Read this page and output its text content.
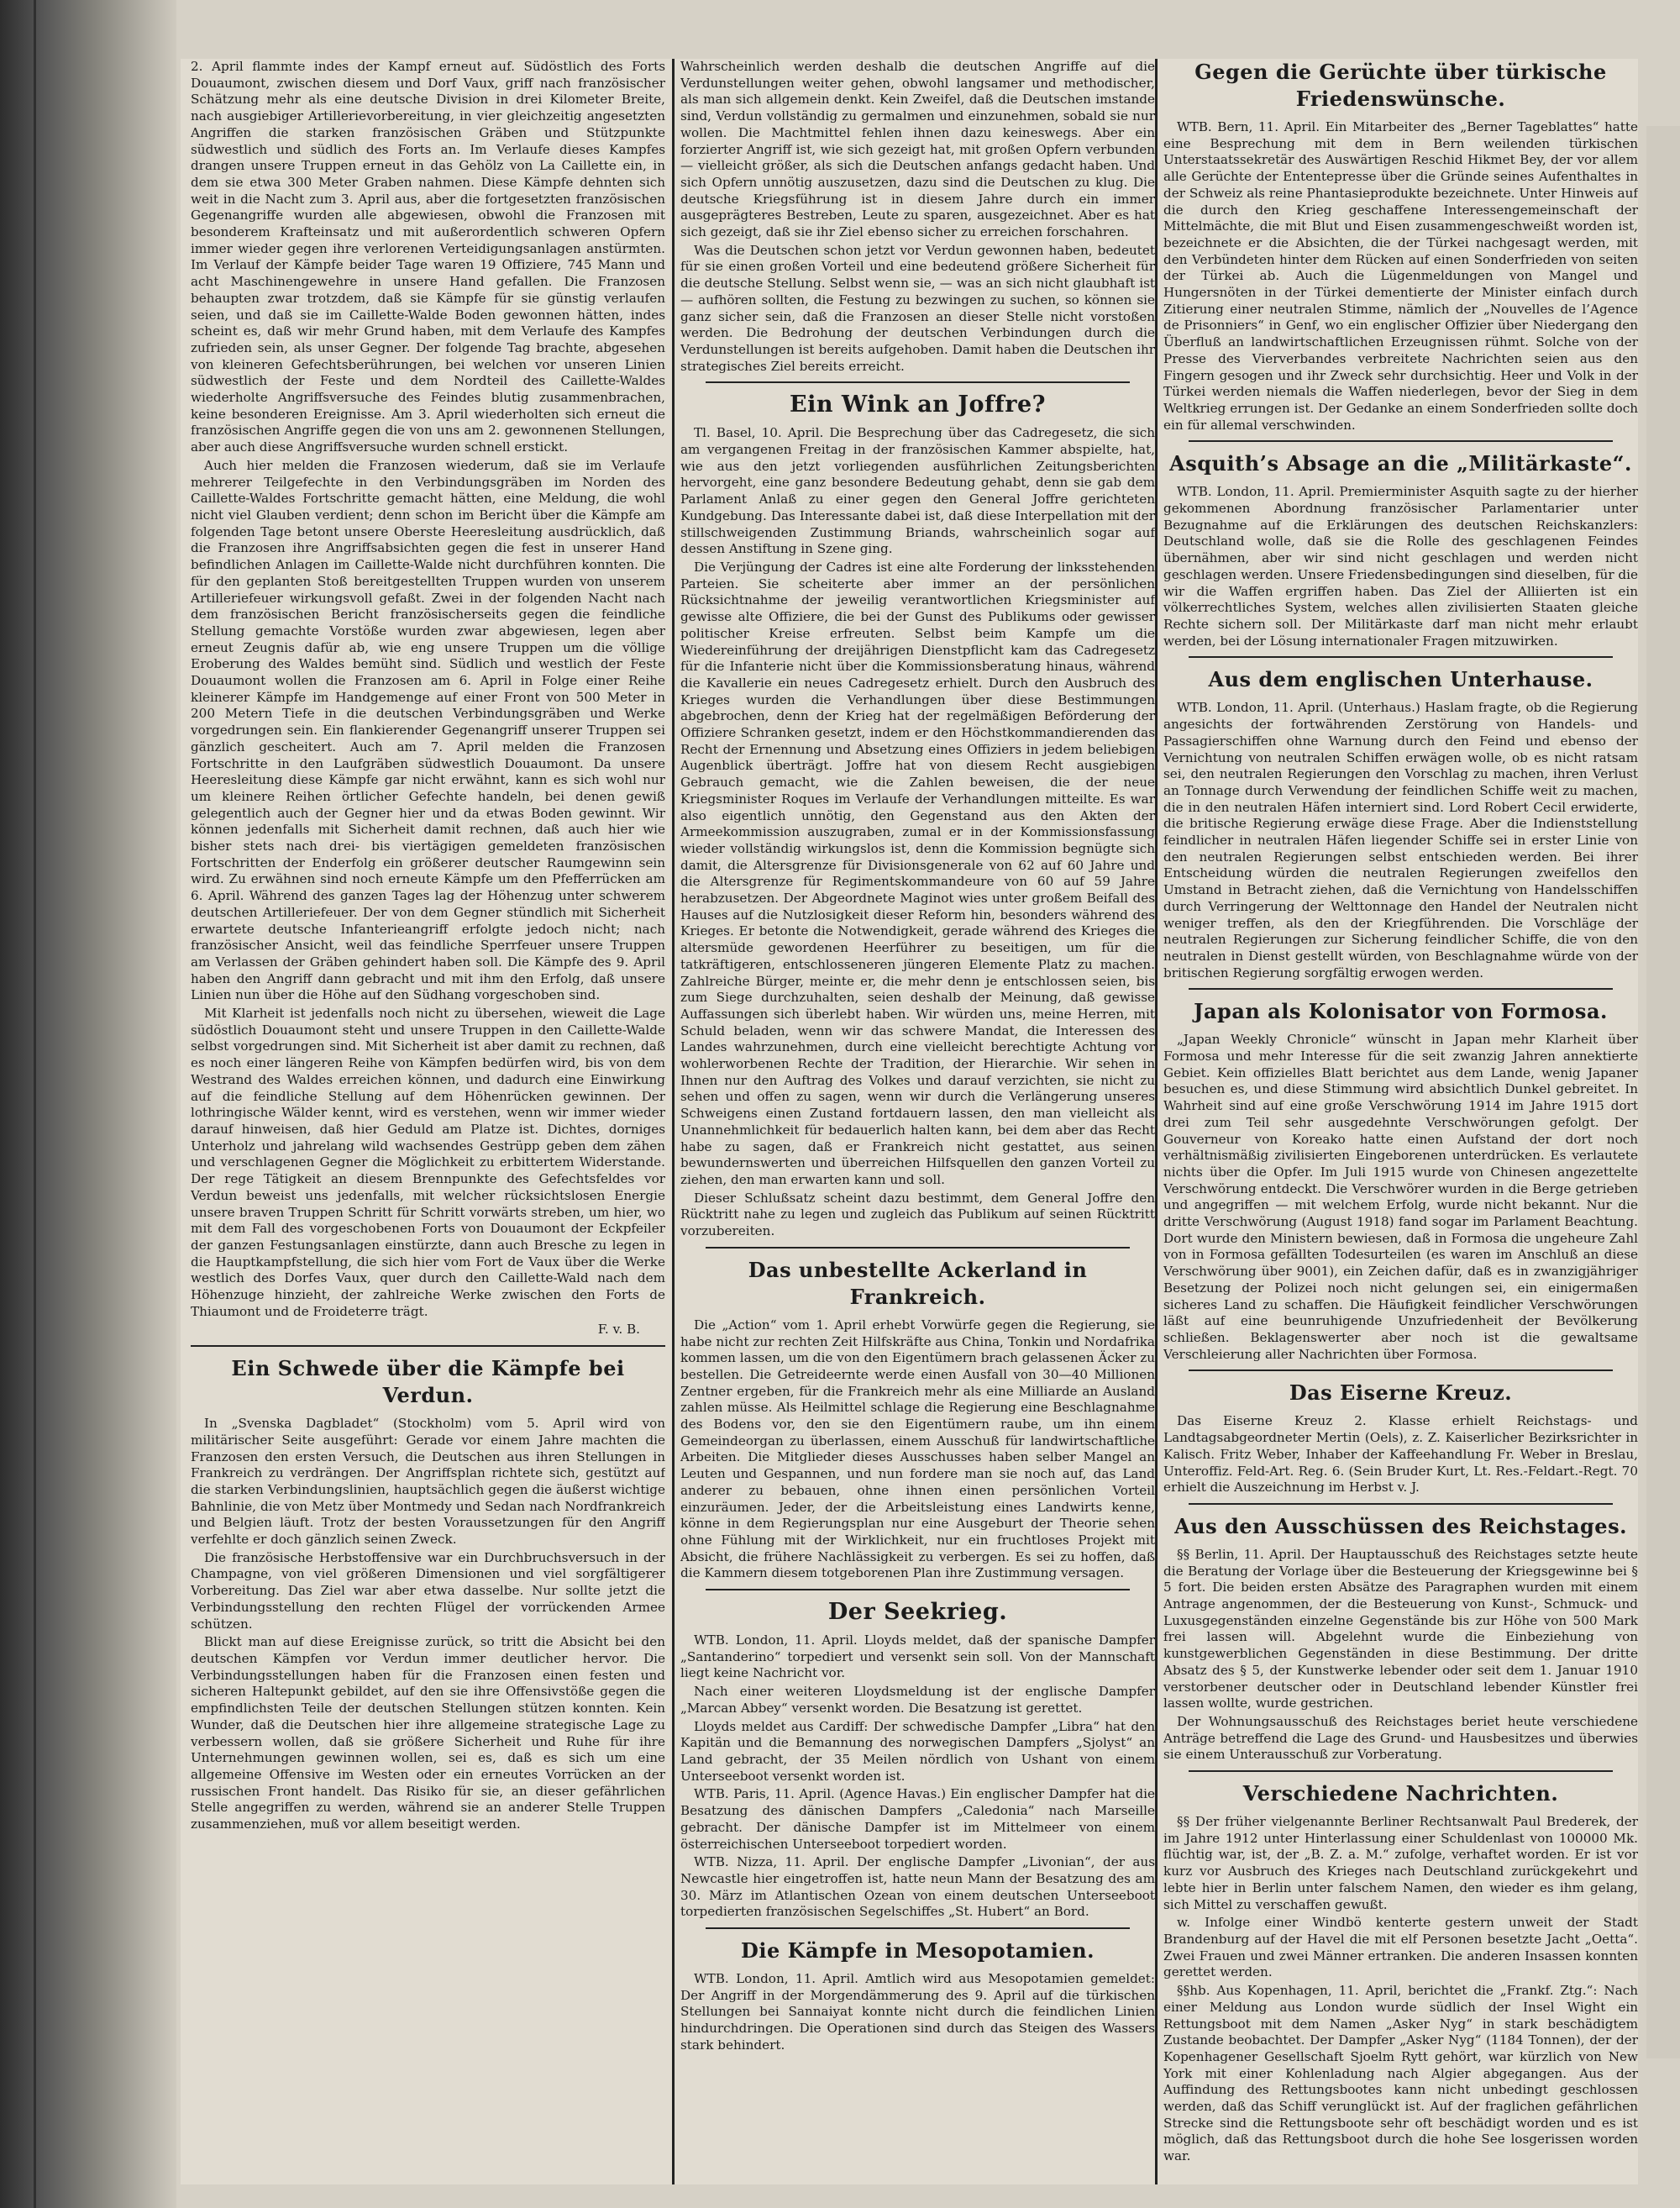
2. April flammte indes der Kampf erneut auf. Südöstlich des Forts Douaumont, zwischen diesem und Dorf Vaux, griff nach französischer Schätzung mehr als eine deutsche Division in drei Kilometer Breite, nach ausgiebiger Artillerievorbereitung, in vier gleichzeitig angesetzten Angriffen die starken französischen Gräben und Stützpunkte südwestlich und südlich des Forts an. Im Verlaufe dieses Kampfes drangen unsere Truppen erneut in das Gehölz von La Caillette ein, in dem sie etwa 300 Meter Graben nahmen. Diese Kämpfe dehnten sich weit in die Nacht zum 3. April aus, aber die fortgesetzten französischen Gegenangriffe wurden alle abgewiesen, obwohl die Franzosen mit besonderem Krafteinsatz und mit außerordentlich schweren Opfern immer wieder gegen ihre verlorenen Verteidigungsanlagen anstürmten. Im Verlauf der Kämpfe beider Tage waren 19 Offiziere, 745 Mann und acht Maschinengewehre in unsere Hand gefallen. Die Franzosen behaupten zwar trotzdem, daß sie Kämpfe für sie günstig verlaufen seien, und daß sie im Caillette-Walde Boden gewonnen hätten, indes scheint es, daß wir mehr Grund haben, mit dem Verlaufe des Kampfes zufrieden sein, als unser Gegner. Der folgende Tag brachte, abgesehen von kleineren Gefechtsberührungen, bei welchen vor unseren Linien südwestlich der Feste und dem Nordteil des Caillette-Waldes wiederholte Angriffsversuche des Feindes blutig zusammenbrachen, keine besonderen Ereignisse. Am 3. April wiederholten sich erneut die französischen Angriffe gegen die von uns am 2. gewonnenen Stellungen, aber auch diese Angriffsversuche wurden schnell erstickt.

Auch hier melden die Franzosen wiederum, daß sie im Verlaufe mehrerer Teilgefechte in den Verbindungsgräben im Norden des Caillette-Waldes Fortschritte gemacht hätten, eine Meldung, die wohl nicht viel Glauben verdient; denn schon im Bericht über die Kämpfe am folgenden Tage betont unsere Oberste Heeresleitung ausdrücklich, daß die Franzosen ihre Angriffsabsichten gegen die fest in unserer Hand befindlichen Anlagen im Caillette-Walde nicht durchführen konnten. Die für den geplanten Stoß bereitgestellten Truppen wurden von unserem Artilleriefeuer wirkungsvoll gefaßt. Zwei in der folgenden Nacht nach dem französischen Bericht französischerseits gegen die feindliche Stellung gemachte Vorstöße wurden zwar abgewiesen, legen aber erneut Zeugnis dafür ab, wie eng unsere Truppen um die völlige Eroberung des Waldes bemüht sind. Südlich und westlich der Feste Douaumont wollen die Franzosen am 6. April in Folge einer Reihe kleinerer Kämpfe im Handgemenge auf einer Front von 500 Meter in 200 Metern Tiefe in die deutschen Verbindungsgräben und Werke vorgedrungen sein. Ein flankierender Gegenangriff unserer Truppen sei gänzlich gescheitert. Auch am 7. April melden die Franzosen Fortschritte in den Laufgräben südwestlich Douaumont. Da unsere Heeresleitung diese Kämpfe gar nicht erwähnt, kann es sich wohl nur um kleinere Reihen örtlicher Gefechte handeln, bei denen gewiß gelegentlich auch der Gegner hier und da etwas Boden gewinnt. Wir können jedenfalls mit Sicherheit damit rechnen, daß auch hier wie bisher stets nach drei- bis viertägigen gemeldeten französischen Fortschritten der Enderfolg ein größerer deutscher Raumgewinn sein wird. Zu erwähnen sind noch erneute Kämpfe um den Pfefferrücken am 6. April. Während des ganzen Tages lag der Höhenzug unter schwerem deutschen Artilleriefeuer. Der von dem Gegner stündlich mit Sicherheit erwartete deutsche Infanterieangriff erfolgte jedoch nicht; nach französischer Ansicht, weil das feindliche Sperrfeuer unsere Truppen am Verlassen der Gräben gehindert haben soll. Die Kämpfe des 9. April haben den Angriff dann gebracht und mit ihm den Erfolg, daß unsere Linien nun über die Höhe auf den Südhang vorgeschoben sind.

Mit Klarheit ist jedenfalls noch nicht zu übersehen, wieweit die Lage südöstlich Douaumont steht und unsere Truppen in den Caillette-Walde selbst vorgedrungen sind. Mit Sicherheit ist aber damit zu rechnen, daß es noch einer längeren Reihe von Kämpfen bedürfen wird, bis von dem Westrand des Waldes erreichen können, und dadurch eine Einwirkung auf die feindliche Stellung auf dem Höhenrücken gewinnen. Der lothringische Wälder kennt, wird es verstehen, wenn wir immer wieder darauf hinweisen, daß hier Geduld am Platze ist. Dichtes, dorniges Unterholz und jahrelang wild wachsendes Gestrüpp geben dem zähen und verschlagenen Gegner die Möglichkeit zu erbittertem Widerstande. Der rege Tätigkeit an diesem Brennpunkte des Gefechtsfeldes vor Verdun beweist uns jedenfalls, mit welcher rücksichtslosen Energie unsere braven Truppen Schritt für Schritt vorwärts streben, um hier, wo mit dem Fall des vorgeschobenen Forts von Douaumont der Eckpfeiler der ganzen Festungsanlagen einstürzte, dann auch Bresche zu legen in die Hauptkampfstellung, die sich hier vom Fort de Vaux über die Werke westlich des Dorfes Vaux, quer durch den Caillette-Wald nach dem Höhenzuge hinzieht, der zahlreiche Werke zwischen den Forts de Thiaumont und de Froideterre trägt.

F. v. B.
Ein Schwede über die Kämpfe bei Verdun.

In „Svenska Dagbladet“ (Stockholm) vom 5. April wird von militärischer Seite ausgeführt: Gerade vor einem Jahre machten die Franzosen den ersten Versuch, die Deutschen aus ihren Stellungen in Frankreich zu verdrängen. Der Angriffsplan richtete sich, gestützt auf die starken Verbindungslinien, hauptsächlich gegen die äußerst wichtige Bahnlinie, die von Metz über Montmedy und Sedan nach Nordfrankreich und Belgien läuft. Trotz der besten Voraussetzungen für den Angriff verfehlte er doch gänzlich seinen Zweck.

Die französische Herbstoffensive war ein Durchbruchsversuch in der Champagne, von viel größeren Dimensionen und viel sorgfältigerer Vorbereitung. Das Ziel war aber etwa dasselbe. Nur sollte jetzt die Verbindungsstellung den rechten Flügel der vorrückenden Armee schützen.

Blickt man auf diese Ereignisse zurück, so tritt die Absicht bei den deutschen Kämpfen vor Verdun immer deutlicher hervor. Die Verbindungsstellungen haben für die Franzosen einen festen und sicheren Haltepunkt gebildet, auf den sie ihre Offensivstöße gegen die empfindlichsten Teile der deutschen Stellungen stützen konnten. Kein Wunder, daß die Deutschen hier ihre allgemeine strategische Lage zu verbessern wollen, daß sie größere Sicherheit und Ruhe für ihre Unternehmungen gewinnen wollen, sei es, daß es sich um eine allgemeine Offensive im Westen oder ein erneutes Vorrücken an der russischen Front handelt. Das Risiko für sie, an dieser gefährlichen Stelle angegriffen zu werden, während sie an anderer Stelle Truppen zusammenziehen, muß vor allem beseitigt werden.

Wahrscheinlich werden deshalb die deutschen Angriffe auf die Verdunstellungen weiter gehen, obwohl langsamer und methodischer, als man sich allgemein denkt. Kein Zweifel, daß die Deutschen imstande sind, Verdun vollständig zu germalmen und einzunehmen, sobald sie nur wollen. Die Machtmittel fehlen ihnen dazu keineswegs. Aber ein forzierter Angriff ist, wie sich gezeigt hat, mit großen Opfern verbunden — vielleicht größer, als sich die Deutschen anfangs gedacht haben. Und sich Opfern unnötig auszusetzen, dazu sind die Deutschen zu klug. Die deutsche Kriegsführung ist in diesem Jahre durch ein immer ausgeprägteres Bestreben, Leute zu sparen, ausgezeichnet. Aber es hat sich gezeigt, daß sie ihr Ziel ebenso sicher zu erreichen forschahren.

Was die Deutschen schon jetzt vor Verdun gewonnen haben, bedeutet für sie einen großen Vorteil und eine bedeutend größere Sicherheit für die deutsche Stellung. Selbst wenn sie, — was an sich nicht glaubhaft ist — aufhören sollten, die Festung zu bezwingen zu suchen, so können sie ganz sicher sein, daß die Franzosen an dieser Stelle nicht vorstoßen werden. Die Bedrohung der deutschen Verbindungen durch die Verdunstellungen ist bereits aufgehoben. Damit haben die Deutschen ihr strategisches Ziel bereits erreicht.

Ein Wink an Joffre?

Tl. Basel, 10. April. Die Besprechung über das Cadregesetz, die sich am vergangenen Freitag in der französischen Kammer abspielte, hat, wie aus den jetzt vorliegenden ausführlichen Zeitungsberichten hervorgeht, eine ganz besondere Bedeutung gehabt, denn sie gab dem Parlament Anlaß zu einer gegen den General Joffre gerichteten Kundgebung. Das Interessante dabei ist, daß diese Interpellation mit der stillschweigenden Zustimmung Briands, wahrscheinlich sogar auf dessen Anstiftung in Szene ging.

Die Verjüngung der Cadres ist eine alte Forderung der linksstehenden Parteien. Sie scheiterte aber immer an der persönlichen Rücksichtnahme der jeweilig verantwortlichen Kriegsminister auf gewisse alte Offiziere, die bei der Gunst des Publikums oder gewisser politischer Kreise erfreuten. Selbst beim Kampfe um die Wiedereinführung der dreijährigen Dienstpflicht kam das Cadregesetz für die Infanterie nicht über die Kommissionsberatung hinaus, während die Kavallerie ein neues Cadregesetz erhielt. Durch den Ausbruch des Krieges wurden die Verhandlungen über diese Bestimmungen abgebrochen, denn der Krieg hat der regelmäßigen Beförderung der Offiziere Schranken gesetzt, indem er den Höchstkommandierenden das Recht der Ernennung und Absetzung eines Offiziers in jedem beliebigen Augenblick überträgt. Joffre hat von diesem Recht ausgiebigen Gebrauch gemacht, wie die Zahlen beweisen, die der neue Kriegsminister Roques im Verlaufe der Verhandlungen mitteilte. Es war also eigentlich unnötig, den Gegenstand aus den Akten der Armeekommission auszugraben, zumal er in der Kommissionsfassung wieder vollständig wirkungslos ist, denn die Kommission begnügte sich damit, die Altersgrenze für Divisionsgenerale von 62 auf 60 Jahre und die Altersgrenze für Regimentskommandeure von 60 auf 59 Jahre herabzusetzen. Der Abgeordnete Maginot wies unter großem Beifall des Hauses auf die Nutzlosigkeit dieser Reform hin, besonders während des Krieges. Er betonte die Notwendigkeit, gerade während des Krieges die altersmüde gewordenen Heerführer zu beseitigen, um für die tatkräftigeren, entschlosseneren jüngeren Elemente Platz zu machen. Zahlreiche Bürger, meinte er, die mehr denn je entschlossen seien, bis zum Siege durchzuhalten, seien deshalb der Meinung, daß gewisse Auffassungen sich überlebt haben. Wir würden uns, meine Herren, mit Schuld beladen, wenn wir das schwere Mandat, die Interessen des Landes wahrzunehmen, durch eine vielleicht berechtigte Achtung vor wohlerworbenen Rechte der Tradition, der Hierarchie. Wir sehen in Ihnen nur den Auftrag des Volkes und darauf verzichten, sie nicht zu sehen und offen zu sagen, wenn wir durch die Verlängerung unseres Schweigens einen Zustand fortdauern lassen, den man vielleicht als Unannehmlichkeit für bedauerlich halten kann, bei dem aber das Recht habe zu sagen, daß er Frankreich nicht gestattet, aus seinen bewundernswerten und überreichen Hilfsquellen den ganzen Vorteil zu ziehen, den man erwarten kann und soll.

Dieser Schlußsatz scheint dazu bestimmt, dem General Joffre den Rücktritt nahe zu legen und zugleich das Publikum auf seinen Rücktritt vorzubereiten.

Das unbestellte Ackerland in Frankreich.

Die „Action“ vom 1. April erhebt Vorwürfe gegen die Regierung, sie habe nicht zur rechten Zeit Hilfskräfte aus China, Tonkin und Nordafrika kommen lassen, um die von den Eigentümern brach gelassenen Äcker zu bestellen. Die Getreideernte werde einen Ausfall von 30—40 Millionen Zentner ergeben, für die Frankreich mehr als eine Milliarde an Ausland zahlen müsse. Als Heilmittel schlage die Regierung eine Beschlagnahme des Bodens vor, den sie den Eigentümern raube, um ihn einem Gemeindeorgan zu überlassen, einem Ausschuß für landwirtschaftliche Arbeiten. Die Mitglieder dieses Ausschusses haben selber Mangel an Leuten und Gespannen, und nun fordere man sie noch auf, das Land anderer zu bebauen, ohne ihnen einen persönlichen Vorteil einzuräumen. Jeder, der die Arbeitsleistung eines Landwirts kenne, könne in dem Regierungsplan nur eine Ausgeburt der Theorie sehen ohne Fühlung mit der Wirklichkeit, nur ein fruchtloses Projekt mit Absicht, die frühere Nachlässigkeit zu verbergen. Es sei zu hoffen, daß die Kammern diesem totgeborenen Plan ihre Zustimmung versagen.

Der Seekrieg.

WTB. London, 11. April. Lloyds meldet, daß der spanische Dampfer „Santanderino“ torpediert und versenkt sein soll. Von der Mannschaft liegt keine Nachricht vor.

Nach einer weiteren Lloydsmeldung ist der englische Dampfer „Marcan Abbey“ versenkt worden. Die Besatzung ist gerettet.

Lloyds meldet aus Cardiff: Der schwedische Dampfer „Libra“ hat den Kapitän und die Bemannung des norwegischen Dampfers „Sjolyst“ an Land gebracht, der 35 Meilen nördlich von Ushant von einem Unterseeboot versenkt worden ist.

WTB. Paris, 11. April. (Agence Havas.) Ein englischer Dampfer hat die Besatzung des dänischen Dampfers „Caledonia“ nach Marseille gebracht. Der dänische Dampfer ist im Mittelmeer von einem österreichischen Unterseeboot torpediert worden.

WTB. Nizza, 11. April. Der englische Dampfer „Livonian“, der aus Newcastle hier eingetroffen ist, hatte neun Mann der Besatzung des am 30. März im Atlantischen Ozean von einem deutschen Unterseeboot torpedierten französischen Segelschiffes „St. Hubert“ an Bord.

Die Kämpfe in Mesopotamien.

WTB. London, 11. April. Amtlich wird aus Mesopotamien gemeldet: Der Angriff in der Morgendämmerung des 9. April auf die türkischen Stellungen bei Sannaiyat konnte nicht durch die feindlichen Linien hindurchdringen. Die Operationen sind durch das Steigen des Wassers stark behindert.

Gegen die Gerüchte über türkische Friedenswünsche.

WTB. Bern, 11. April. Ein Mitarbeiter des „Berner Tageblattes“ hatte eine Besprechung mit dem in Bern weilenden türkischen Unterstaatssekretär des Auswärtigen Reschid Hikmet Bey, der vor allem alle Gerüchte der Ententepresse über die Gründe seines Aufenthaltes in der Schweiz als reine Phantasieprodukte bezeichnete. Unter Hinweis auf die durch den Krieg geschaffene Interessengemeinschaft der Mittelmächte, die mit Blut und Eisen zusammengeschweißt worden ist, bezeichnete er die Absichten, die der Türkei nachgesagt werden, mit den Verbündeten hinter dem Rücken auf einen Sonderfrieden von seiten der Türkei ab. Auch die Lügenmeldungen von Mangel und Hungersnöten in der Türkei dementierte der Minister einfach durch Zitierung einer neutralen Stimme, nämlich der „Nouvelles de l’Agence de Prisonniers“ in Genf, wo ein englischer Offizier über Niedergang den Überfluß an landwirtschaftlichen Erzeugnissen rühmt. Solche von der Presse des Vierverbandes verbreitete Nachrichten seien aus den Fingern gesogen und ihr Zweck sehr durchsichtig. Heer und Volk in der Türkei werden niemals die Waffen niederlegen, bevor der Sieg in dem Weltkrieg errungen ist. Der Gedanke an einem Sonderfrieden sollte doch ein für allemal verschwinden.

Asquith’s Absage an die „Militärkaste“.

WTB. London, 11. April. Premierminister Asquith sagte zu der hierher gekommenen Abordnung französischer Parlamentarier unter Bezugnahme auf die Erklärungen des deutschen Reichskanzlers: Deutschland wolle, daß sie die Rolle des geschlagenen Feindes übernähmen, aber wir sind nicht geschlagen und werden nicht geschlagen werden. Unsere Friedensbedingungen sind dieselben, für die wir die Waffen ergriffen haben. Das Ziel der Alliierten ist ein völkerrechtliches System, welches allen zivilisierten Staaten gleiche Rechte sichern soll. Der Militärkaste darf man nicht mehr erlaubt werden, bei der Lösung internationaler Fragen mitzuwirken.

Aus dem englischen Unterhause.

WTB. London, 11. April. (Unterhaus.) Haslam fragte, ob die Regierung angesichts der fortwährenden Zerstörung von Handels- und Passagierschiffen ohne Warnung durch den Feind und ebenso der Vernichtung von neutralen Schiffen erwägen wolle, ob es nicht ratsam sei, den neutralen Regierungen den Vorschlag zu machen, ihren Verlust an Tonnage durch Verwendung der feindlichen Schiffe weit zu machen, die in den neutralen Häfen interniert sind. Lord Robert Cecil erwiderte, die britische Regierung erwäge diese Frage. Aber die Indienststellung feindlicher in neutralen Häfen liegender Schiffe sei in erster Linie von den neutralen Regierungen selbst entschieden werden. Bei ihrer Entscheidung würden die neutralen Regierungen zweifellos den Umstand in Betracht ziehen, daß die Vernichtung von Handelsschiffen durch Verringerung der Welttonnage den Handel der Neutralen nicht weniger treffen, als den der Kriegführenden. Die Vorschläge der neutralen Regierungen zur Sicherung feindlicher Schiffe, die von den neutralen in Dienst gestellt würden, von Beschlagnahme würde von der britischen Regierung sorgfältig erwogen werden.

Japan als Kolonisator von Formosa.

„Japan Weekly Chronicle“ wünscht in Japan mehr Klarheit über Formosa und mehr Interesse für die seit zwanzig Jahren annektierte Gebiet. Kein offizielles Blatt berichtet aus dem Lande, wenig Japaner besuchen es, und diese Stimmung wird absichtlich Dunkel gebreitet. In Wahrheit sind auf eine große Verschwörung 1914 im Jahre 1915 dort drei zum Teil sehr ausgedehnte Verschwörungen gefolgt. Der Gouverneur von Koreako hatte einen Aufstand der dort noch verhältnismäßig zivilisierten Eingeborenen unterdrücken. Es verlautete nichts über die Opfer. Im Juli 1915 wurde von Chinesen angezettelte Verschwörung entdeckt. Die Verschwörer wurden in die Berge getrieben und angegriffen — mit welchem Erfolg, wurde nicht bekannt. Nur die dritte Verschwörung (August 1918) fand sogar im Parlament Beachtung. Dort wurde den Ministern bewiesen, daß in Formosa die ungeheure Zahl von in Formosa gefällten Todesurteilen (es waren im Anschluß an diese Verschwörung über 9001), ein Zeichen dafür, daß es in zwanzigjähriger Besetzung der Polizei noch nicht gelungen sei, ein einigermaßen sicheres Land zu schaffen. Die Häufigkeit feindlicher Verschwörungen läßt auf eine beunruhigende Unzufriedenheit der Bevölkerung schließen. Beklagenswerter aber noch ist die gewaltsame Verschleierung aller Nachrichten über Formosa.

Das Eiserne Kreuz.

Das Eiserne Kreuz 2. Klasse erhielt Reichstags- und Landtagsabgeordneter Mertin (Oels), z. Z. Kaiserlicher Bezirksrichter in Kalisch. Fritz Weber, Inhaber der Kaffeehandlung Fr. Weber in Breslau, Unteroffiz. Feld-Art. Reg. 6. (Sein Bruder Kurt, Lt. Res.-Feldart.-Regt. 70 erhielt die Auszeichnung im Herbst v. J.

Aus den Ausschüssen des Reichstages.

§§ Berlin, 11. April. Der Hauptausschuß des Reichstages setzte heute die Beratung der Vorlage über die Besteuerung der Kriegsgewinne bei § 5 fort. Die beiden ersten Absätze des Paragraphen wurden mit einem Antrage angenommen, der die Besteuerung von Kunst-, Schmuck- und Luxusgegenständen einzelne Gegenstände bis zur Höhe von 500 Mark frei lassen will. Abgelehnt wurde die Einbeziehung von kunstgewerblichen Gegenständen in diese Bestimmung. Der dritte Absatz des § 5, der Kunstwerke lebender oder seit dem 1. Januar 1910 verstorbener deutscher oder in Deutschland lebender Künstler frei lassen wollte, wurde gestrichen.

Der Wohnungsausschuß des Reichstages beriet heute verschiedene Anträge betreffend die Lage des Grund- und Hausbesitzes und überwies sie einem Unterausschuß zur Vorberatung.

Verschiedene Nachrichten.

§§ Der früher vielgenannte Berliner Rechtsanwalt Paul Brederek, der im Jahre 1912 unter Hinterlassung einer Schuldenlast von 100000 Mk. flüchtig war, ist, der „B. Z. a. M.“ zufolge, verhaftet worden. Er ist vor kurz vor Ausbruch des Krieges nach Deutschland zurückgekehrt und lebte hier in Berlin unter falschem Namen, den wieder es ihm gelang, sich Mittel zu verschaffen gewußt.

w. Infolge einer Windbö kenterte gestern unweit der Stadt Brandenburg auf der Havel die mit elf Personen besetzte Jacht „Oetta“. Zwei Frauen und zwei Männer ertranken. Die anderen Insassen konnten gerettet werden.

§§hb. Aus Kopenhagen, 11. April, berichtet die „Frankf. Ztg.“: Nach einer Meldung aus London wurde südlich der Insel Wight ein Rettungsboot mit dem Namen „Asker Nyg“ in stark beschädigtem Zustande beobachtet. Der Dampfer „Asker Nyg“ (1184 Tonnen), der der Kopenhagener Gesellschaft Sjoelm Rytt gehört, war kürzlich von New York mit einer Kohlenladung nach Algier abgegangen. Aus der Auffindung des Rettungsbootes kann nicht unbedingt geschlossen werden, daß das Schiff verunglückt ist. Auf der fraglichen gefährlichen Strecke sind die Rettungsboote sehr oft beschädigt worden und es ist möglich, daß das Rettungsboot durch die hohe See losgerissen worden war.
